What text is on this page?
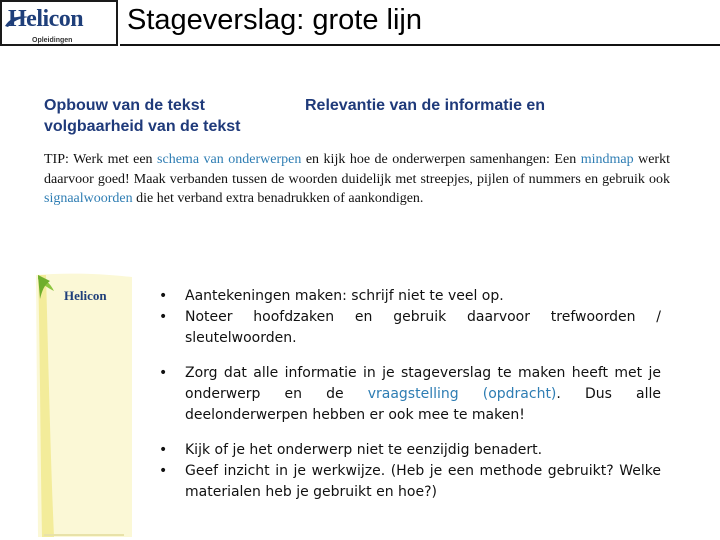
Helicon
Opleidingen
Stageverslag: grote lijn
Opbouw van de tekst volgbaarheid van de tekst
Relevantie van de informatie en
TIP: Werk met een schema van onderwerpen en kijk hoe de onderwerpen samenhangen: Een mindmap werkt daarvoor goed! Maak verbanden tussen de woorden duidelijk met streepjes, pijlen of nummers en gebruik ook signaalwoorden die het verband extra benadrukken of aankondigen.
Helicon
•	Aantekeningen maken: schrijf niet te veel op.
• Noteer hoofdzaken en gebruik daarvoor trefwoorden / sleutelwoorden.
• Zorg dat alle informatie in je stageverslag te maken heeft met je onderwerp en de vraagstelling (opdracht). Dus alle deelonderwerpen hebben er ook mee te maken!
• Kijk of je het onderwerp niet te eenzijdig benadert.
• Geef inzicht in je werkwijze. (Heb je een methode gebruikt? Welke materialen heb je gebruikt en hoe?)
